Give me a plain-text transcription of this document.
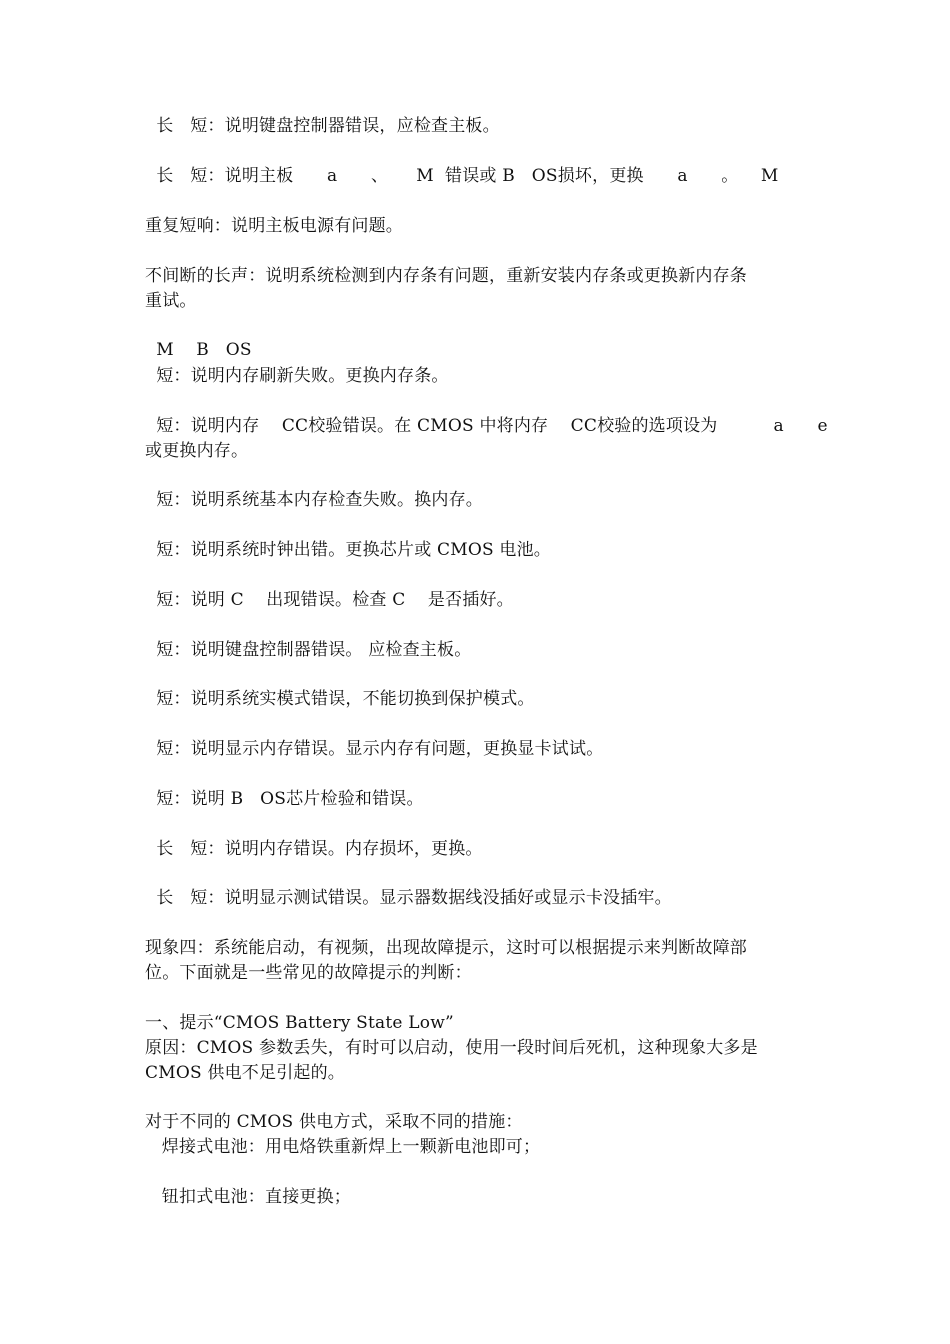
长   短：说明键盘控制器错误，应检查主板。

长   短：说明主板      a      、     M  错误或 B   OS损坏，更换      a      。    M

重复短响：说明主板电源有问题。

不间断的长声：说明系统检测到内存条有问题，重新安装内存条或更换新内存条

重试。

M    B   OS

短：说明内存刷新失败。更换内存条。

短：说明内存    CC校验错误。在 CMOS 中将内存    CC校验的选项设为          a      e

或更换内存。

短：说明系统基本内存检查失败。换内存。

短：说明系统时钟出错。更换芯片或 CMOS 电池。

短：说明 C    出现错误。检查 C    是否插好。

短：说明键盘控制器错误。 应检查主板。

短：说明系统实模式错误，不能切换到保护模式。

短：说明显示内存错误。显示内存有问题，更换显卡试试。

短：说明 B   OS芯片检验和错误。

长   短：说明内存错误。内存损坏，更换。

长   短：说明显示测试错误。显示器数据线没插好或显示卡没插牢。

现象四：系统能启动，有视频，出现故障提示，这时可以根据提示来判断故障部

位。下面就是一些常见的故障提示的判断：

一、提示“CMOS Battery State Low”

原因：CMOS 参数丢失，有时可以启动，使用一段时间后死机，这种现象大多是

CMOS 供电不足引起的。

对于不同的 CMOS 供电方式，采取不同的措施：

焊接式电池：用电烙铁重新焊上一颗新电池即可；

钮扣式电池：直接更换；
